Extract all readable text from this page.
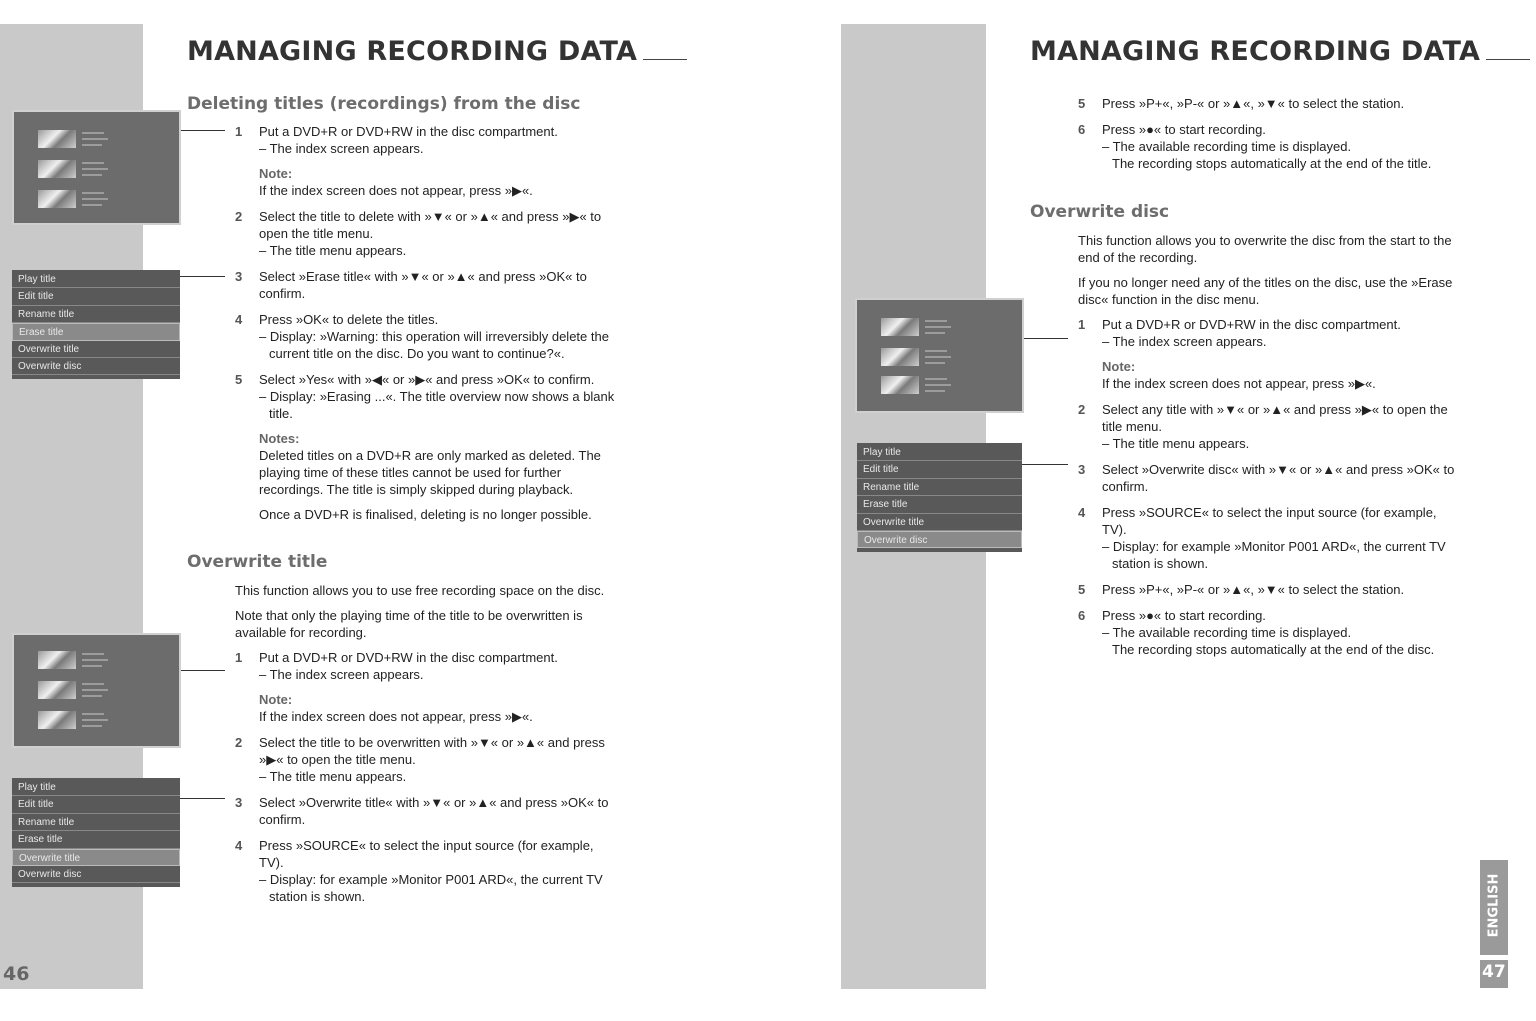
46
MANAGING RECORDING DATA
Play title
Edit title
Rename title
Erase title
Overwrite title
Overwrite disc
Play title
Edit title
Rename title
Erase title
Overwrite title
Overwrite disc
Deleting titles (recordings) from the disc
1 Put a DVD+R or DVD+RW in the disc compartment.
– The index screen appears.
Note:
If the index screen does not appear, press »▶«.
2 Select the title to delete with »▼« or »▲« and press »▶« to open the title menu.
– The title menu appears.
3 Select »Erase title« with »▼« or »▲« and press »OK« to confirm.
4 Press »OK« to delete the titles.
– Display: »Warning: this operation will irreversibly delete the current title on the disc. Do you want to continue?«.
5 Select »Yes« with »◀« or »▶« and press »OK« to confirm.
– Display: »Erasing ...«. The title overview now shows a blank title.
Notes:
Deleted titles on a DVD+R are only marked as deleted. The playing time of these titles cannot be used for further recordings. The title is simply skipped during playback.
Once a DVD+R is finalised, deleting is no longer possible.
Overwrite title
This function allows you to use free recording space on the disc.
Note that only the playing time of the title to be overwritten is available for recording.
1 Put a DVD+R or DVD+RW in the disc compartment.
– The index screen appears.
Note:
If the index screen does not appear, press »▶«.
2 Select the title to be overwritten with »▼« or »▲« and press »▶« to open the title menu.
– The title menu appears.
3 Select »Overwrite title« with »▼« or »▲« and press »OK« to confirm.
4 Press »SOURCE« to select the input source (for example, TV).
– Display: for example »Monitor P001 ARD«, the current TV station is shown.
MANAGING RECORDING DATA
Play title
Edit title
Rename title
Erase title
Overwrite title
Overwrite disc
5 Press »P+«, »P-« or »▲«, »▼« to select the station.
6 Press »●« to start recording.
– The available recording time is displayed.
The recording stops automatically at the end of the title.
Overwrite disc
This function allows you to overwrite the disc from the start to the end of the recording.
If you no longer need any of the titles on the disc, use the »Erase disc« function in the disc menu.
1 Put a DVD+R or DVD+RW in the disc compartment.
– The index screen appears.
Note:
If the index screen does not appear, press »▶«.
2 Select any title with »▼« or »▲« and press »▶« to open the title menu.
– The title menu appears.
3 Select »Overwrite disc« with »▼« or »▲« and press »OK« to confirm.
4 Press »SOURCE« to select the input source (for example, TV).
– Display: for example »Monitor P001 ARD«, the current TV station is shown.
5 Press »P+«, »P-« or »▲«, »▼« to select the station.
6 Press »●« to start recording.
– The available recording time is displayed.
The recording stops automatically at the end of the disc.
ENGLISH
47
